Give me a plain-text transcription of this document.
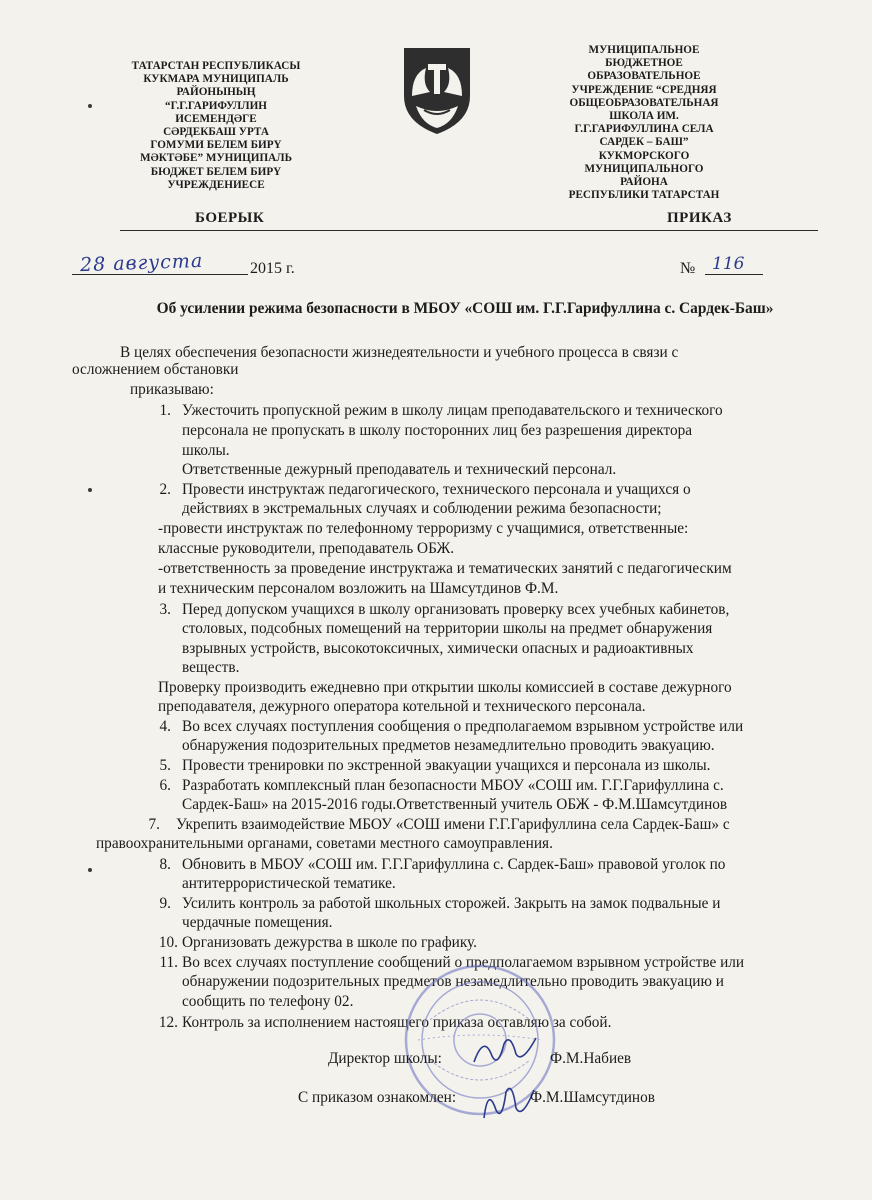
ТАТАРСТАН РЕСПУБЛИКАСЫ
КУКМАРА МУНИЦИПАЛЬ
РАЙОНЫНЫҢ
“Г.Г.ГАРИФУЛЛИН
ИСЕМЕНДӘГЕ
СӘРДЕКБАШ УРТА
ГОМУМИ БЕЛЕМ БИРҮ
МӘКТӘБЕ” МУНИЦИПАЛЬ
БЮДЖЕТ БЕЛЕМ БИРҮ
УЧРЕЖДЕНИЕСЕ
МУНИЦИПАЛЬНОЕ
БЮДЖЕТНОЕ
ОБРАЗОВАТЕЛЬНОЕ
УЧРЕЖДЕНИЕ “СРЕДНЯЯ
ОБЩЕОБРАЗОВАТЕЛЬНАЯ
ШКОЛА ИМ.
Г.Г.ГАРИФУЛЛИНА СЕЛА
САРДЕК – БАШ”
КУКМОРСКОГО
МУНИЦИПАЛЬНОГО
РАЙОНА
РЕСПУБЛИКИ ТАТАРСТАН
БОЕРЫК	ПРИКАЗ
28 августа	2015 г.	№ 116
Об усилении режима безопасности в МБОУ «СОШ им. Г.Г.Гарифуллина с. Сардек-Баш»
В целях обеспечения безопасности жизнедеятельности и учебного процесса в связи с
осложнением обстановки
приказываю:
1. Ужесточить пропускной режим в школу лицам преподавательского и технического
персонала не пропускать в школу посторонних лиц без разрешения директора
школы.
Ответственные дежурный преподаватель и технический персонал.
2. Провести инструктаж педагогического, технического персонала и учащихся о
действиях в экстремальных случаях и соблюдении режима безопасности;
-провести инструктаж по телефонному терроризму с учащимися, ответственные:
классные руководители, преподаватель ОБЖ.
-ответственность за проведение инструктажа и тематических занятий с педагогическим
и техническим персоналом возложить на Шамсутдинов Ф.М.
3. Перед допуском учащихся в школу организовать проверку всех учебных кабинетов,
столовых, подсобных помещений на территории школы на предмет обнаружения
взрывных устройств, высокотоксичных, химически опасных и радиоактивных
веществ.
Проверку производить ежедневно при открытии школы комиссией в составе дежурного
преподавателя, дежурного оператора котельной и технического персонала.
4. Во всех случаях поступления сообщения о предполагаемом взрывном устройстве или
обнаружения подозрительных предметов незамедлительно проводить эвакуацию.
5. Провести тренировки по экстренной эвакуации учащихся и персонала из школы.
6. Разработать комплексный план безопасности МБОУ «СОШ им. Г.Г.Гарифуллина с.
Сардек-Баш» на 2015-2016 годы.Ответственный учитель ОБЖ - Ф.М.Шамсутдинов
7. Укрепить взаимодействие МБОУ «СОШ имени Г.Г.Гарифуллина села Сардек-Баш» с
правоохранительными органами, советами местного самоуправления.
8. Обновить в МБОУ «СОШ им. Г.Г.Гарифуллина с. Сардек-Баш» правовой уголок по
антитеррористической тематике.
9. Усилить контроль за работой школьных сторожей. Закрыть на замок подвальные и
чердачные помещения.
10. Организовать дежурства в школе по графику.
11. Во всех случаях поступление сообщений о предполагаемом взрывном устройстве или
обнаружении подозрительных предметов незамедлительно проводить эвакуацию и
сообщить по телефону 02.
12. Контроль за исполнением настоящего приказа оставляю за собой.
Директор школы:	Ф.М.Набиев
С приказом ознакомлен:	Ф.М.Шамсутдинов
